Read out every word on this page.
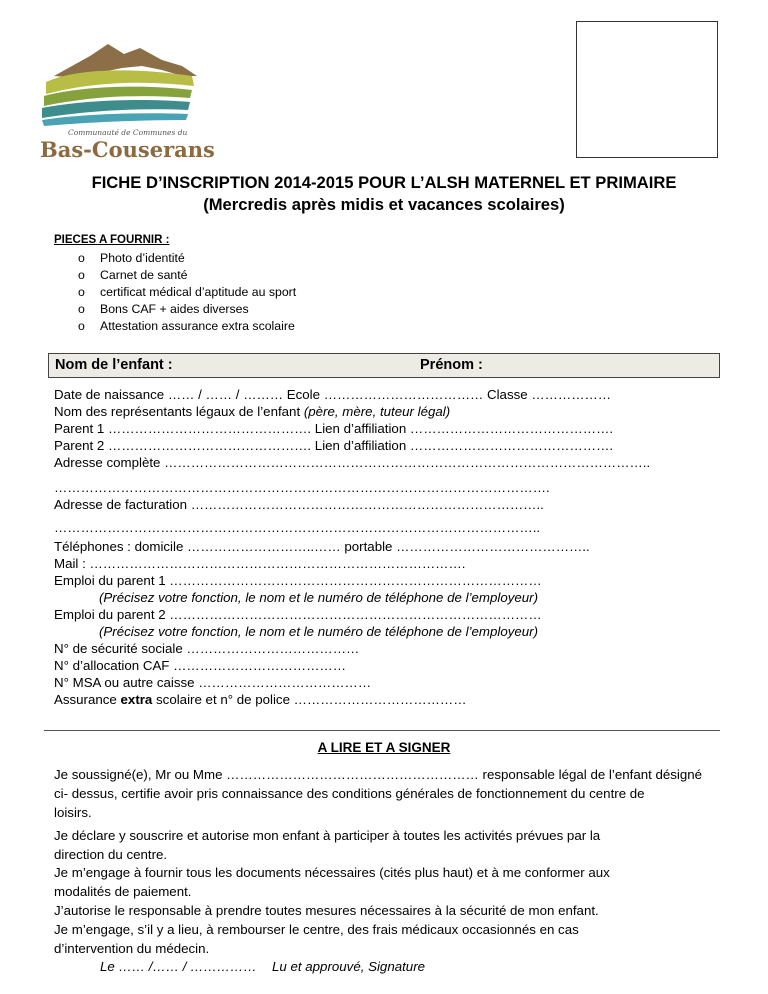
Communauté de Communes du
Bas-Couserans
FICHE D’INSCRIPTION 2014-2015 POUR L’ALSH MATERNEL ET PRIMAIRE
(Mercredis après midis et vacances scolaires)
PIECES A FOURNIR :
o Photo d’identité
o Carnet de santé
o certificat médical d’aptitude au sport
o Bons CAF + aides diverses
o Attestation assurance extra scolaire
Nom de l’enfant :	Prénom :
Date de naissance …… / …… / ……… Ecole ……………………………… Classe ………………
Nom des représentants légaux de l’enfant (père, mère, tuteur légal)
Parent 1 ………………………………………. Lien d’affiliation ……………………………………….
Parent 2 ………………………………………. Lien d’affiliation ……………………………………….
Adresse complète ………………………………………………………………………………………………..
………………………………………………………………………………………………….
Adresse de facturation ……………………………………………………………………..
………………………………………………………………………………………………..
Téléphones : domicile ………………………..…… portable ……………………………………..
Mail : ………………………………………………………………………….
Emploi du parent 1 …………………………………………………………………………
(Précisez votre fonction, le nom et le numéro de téléphone de l’employeur)
Emploi du parent 2 …………………………………………………………………………
(Précisez votre fonction, le nom et le numéro de téléphone de l’employeur)
N° de sécurité sociale …………………………………
N° d’allocation CAF …………………………………
N° MSA ou autre caisse …………………………………
Assurance extra scolaire et n° de police …………………………………
A LIRE ET A SIGNER
Je soussigné(e), Mr ou Mme ………………………………………………… responsable légal de l’enfant désigné
ci- dessus, certifie avoir pris connaissance des conditions générales de fonctionnement du centre de
loisirs.
Je déclare y souscrire et autorise mon enfant à participer à toutes les activités prévues par la
direction du centre.
Je m’engage à fournir tous les documents nécessaires (cités plus haut) et à me conformer aux
modalités de paiement.
J’autorise le responsable à prendre toutes mesures nécessaires à la sécurité de mon enfant.
Je m’engage, s’il y a lieu, à rembourser le centre, des frais médicaux occasionnés en cas
d’intervention du médecin.
Le …… /…… / …………… Lu et approuvé, Signature
